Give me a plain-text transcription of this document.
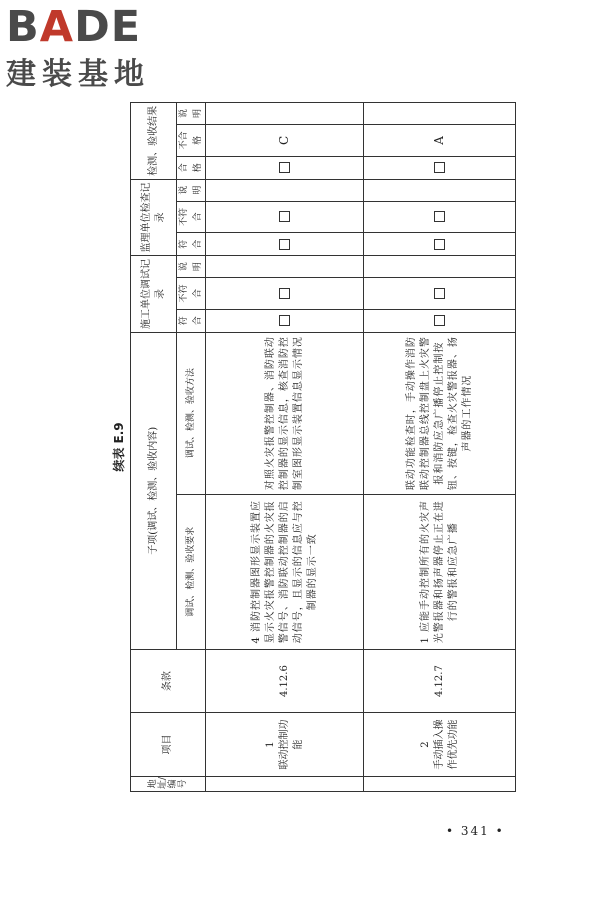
BADE
建装基地
续表 E.9
地址/编号	项目	条款	子项(调试、检测、验收内容)		施工单位调试记录			监理单位检查记录			检测、验收结果		
			调试、检测、验收要求	调试、检测、验收方法	符合	不符合	说明	符合	不符合	说明	合格	不合格	说明

	1 联动控制功能	4.12.6	4 消防控制器图形显示装置应显示火灾报警控制器的火灾报警信号、消防联动控制器的启动信号，且显示的信息应与控制器的显示一致	对照火灾报警控制器、消防联动控制器的显示信息，核查消防控制室图形显示装置信息显示情况								C	

	2 手动插入操作优先功能	4.12.7	1 应能手动控制所有的火灾声光警报器和扬声器停止正在进行的警报和应急广播	联动功能检查时，手动操作消防联动控制器总线控制盘上火灾警报和消防应急广播停止控制按钮、按键，检查火灾警报器、扬声器的工作情况								A	
• 341 •
